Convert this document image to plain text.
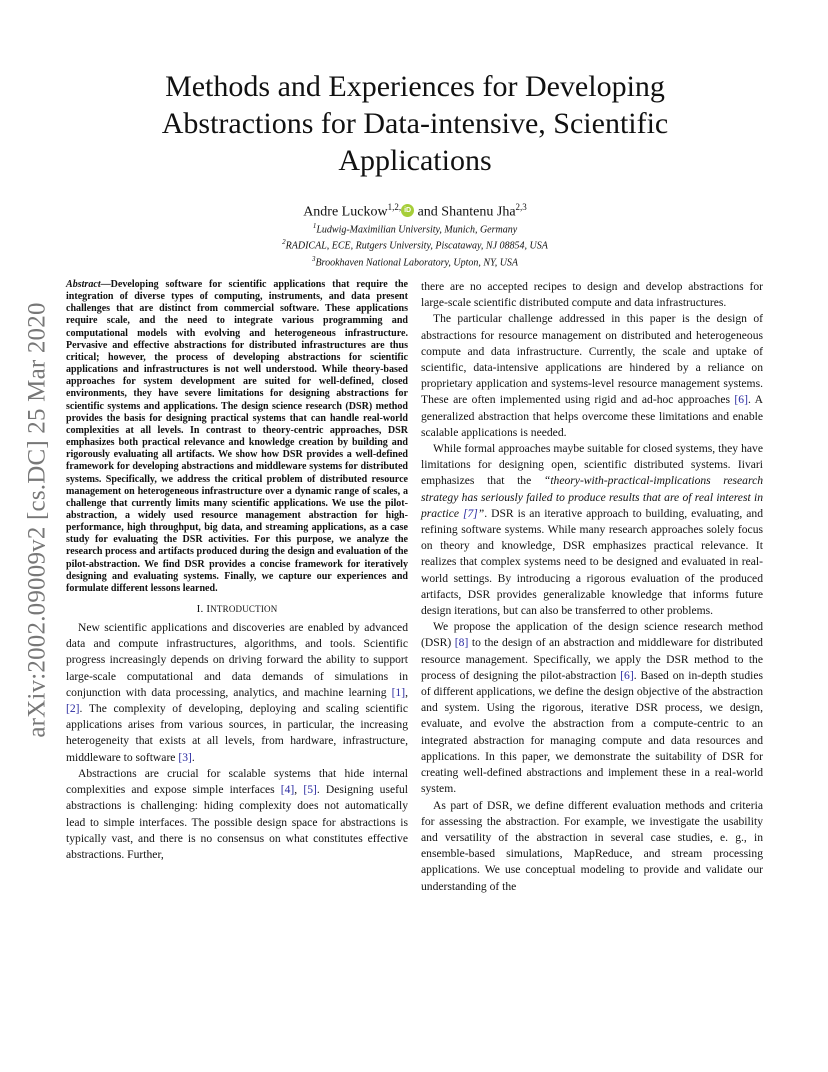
arXiv:2002.09009v2 [cs.DC] 25 Mar 2020
Methods and Experiences for Developing Abstractions for Data-intensive, Scientific Applications
Andre Luckow$^{1,2,}$ iD and Shantenu Jha$^{2,3}$
$^1$Ludwig-Maximilian University, Munich, Germany
$^2$RADICAL, ECE, Rutgers University, Piscataway, NJ 08854, USA
$^3$Brookhaven National Laboratory, Upton, NY, USA

Abstract—Developing software for scientific applications that require the integration of diverse types of computing, instruments, and data present challenges that are distinct from commercial software. These applications require scale, and the need to integrate various programming and computational models with evolving and heterogeneous infrastructure. Pervasive and effective abstractions for distributed infrastructures are thus critical; however, the process of developing abstractions for scientific applications and infrastructures is not well understood. While theory-based approaches for system development are suited for well-defined, closed environments, they have severe limitations for designing abstractions for scientific systems and applications. The design science research (DSR) method provides the basis for designing practical systems that can handle real-world complexities at all levels. In contrast to theory-centric approaches, DSR emphasizes both practical relevance and knowledge creation by building and rigorously evaluating all artifacts. We show how DSR provides a well-defined framework for developing abstractions and middleware systems for distributed systems. Specifically, we address the critical problem of distributed resource management on heterogeneous infrastructure over a dynamic range of scales, a challenge that currently limits many scientific applications. We use the pilot-abstraction, a widely used resource management abstraction for high-performance, high throughput, big data, and streaming applications, as a case study for evaluating the DSR activities. For this purpose, we analyze the research process and artifacts produced during the design and evaluation of the pilot-abstraction. We find DSR provides a concise framework for iteratively designing and evaluating systems. Finally, we capture our experiences and formulate different lessons learned.

I. INTRODUCTION

New scientific applications and discoveries are enabled by advanced data and compute infrastructures, algorithms, and tools. Scientific progress increasingly depends on driving forward the ability to support large-scale computational and data demands of simulations in conjunction with data processing, analytics, and machine learning [1], [2]. The complexity of developing, deploying and scaling scientific applications arises from various sources, in particular, the increasing heterogeneity that exists at all levels, from hardware, infrastructure, middleware to software [3].

Abstractions are crucial for scalable systems that hide internal complexities and expose simple interfaces [4], [5]. Designing useful abstractions is challenging: hiding complexity does not automatically lead to simple interfaces. The possible design space for abstractions is typically vast, and there is no consensus on what constitutes effective abstractions. Further,

there are no accepted recipes to design and develop abstractions for large-scale scientific distributed compute and data infrastructures.

The particular challenge addressed in this paper is the design of abstractions for resource management on distributed and heterogeneous compute and data infrastructure. Currently, the scale and uptake of scientific, data-intensive applications are hindered by a reliance on proprietary application and systems-level resource management systems. These are often implemented using rigid and ad-hoc approaches [6]. A generalized abstraction that helps overcome these limitations and enable scalable applications is needed.

While formal approaches maybe suitable for closed systems, they have limitations for designing open, scientific distributed systems. Iivari emphasizes that the “theory-with-practical-implications research strategy has seriously failed to produce results that are of real interest in practice [7]”. DSR is an iterative approach to building, evaluating, and refining software systems. While many research approaches solely focus on theory and knowledge, DSR emphasizes practical relevance. It realizes that complex systems need to be designed and evaluated in real-world settings. By introducing a rigorous evaluation of the produced artifacts, DSR provides generalizable knowledge that informs future design iterations, but can also be transferred to other problems.

We propose the application of the design science research method (DSR) [8] to the design of an abstraction and middleware for distributed resource management. Specifically, we apply the DSR method to the process of designing the pilot-abstraction [6]. Based on in-depth studies of different applications, we define the design objective of the abstraction and system. Using the rigorous, iterative DSR process, we design, evaluate, and evolve the abstraction from a compute-centric to an integrated abstraction for managing compute and data resources and applications. In this paper, we demonstrate the suitability of DSR for creating well-defined abstractions and implement these in a real-world system.

As part of DSR, we define different evaluation methods and criteria for assessing the abstraction. For example, we investigate the usability and versatility of the abstraction in several case studies, e. g., in ensemble-based simulations, MapReduce, and stream processing applications. We use conceptual modeling to provide and validate our understanding of the
